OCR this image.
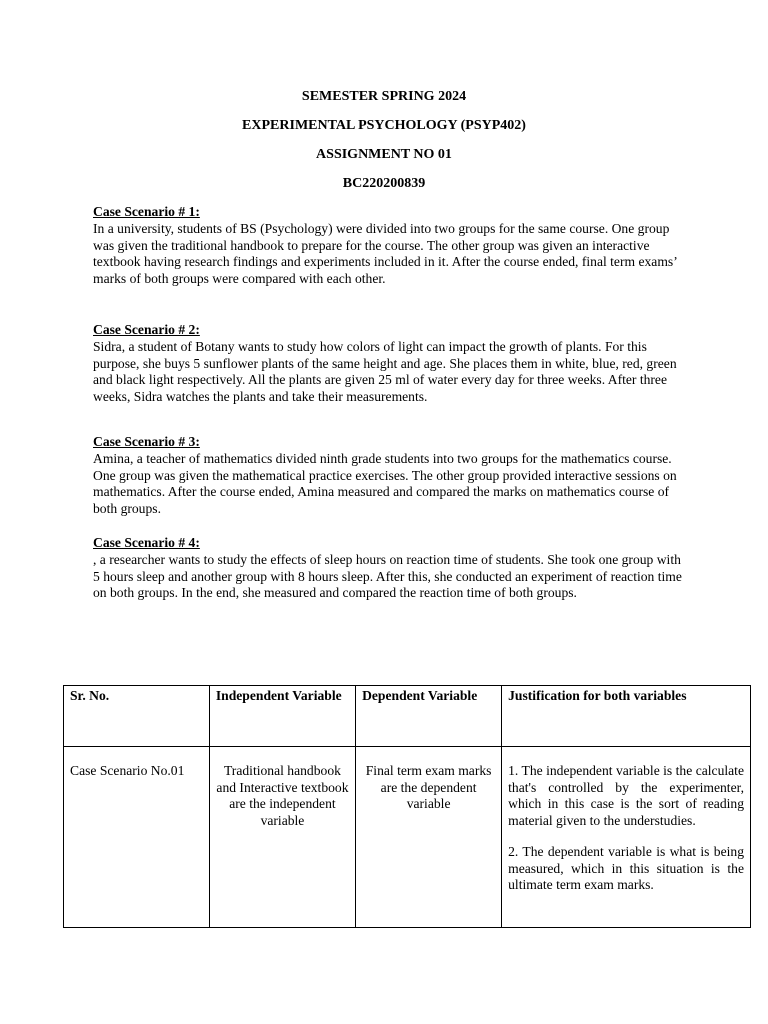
SEMESTER SPRING 2024
EXPERIMENTAL PSYCHOLOGY (PSYP402)
ASSIGNMENT NO 01
BC220200839
Case Scenario # 1:
In a university, students of BS (Psychology) were divided into two groups for the same course. One group was given the traditional handbook to prepare for the course. The other group was given an interactive textbook having research findings and experiments included in it. After the course ended, final term exams’ marks of both groups were compared with each other.
Case Scenario # 2:
Sidra, a student of Botany wants to study how colors of light can impact the growth of plants. For this purpose, she buys 5 sunflower plants of the same height and age. She places them in white, blue, red, green and black light respectively. All the plants are given 25 ml of water every day for three weeks. After three weeks, Sidra watches the plants and take their measurements.
Case Scenario # 3:
Amina, a teacher of mathematics divided ninth grade students into two groups for the mathematics course. One group was given the mathematical practice exercises. The other group provided interactive sessions on mathematics. After the course ended, Amina measured and compared the marks on mathematics course of both groups.
Case Scenario # 4:
, a researcher wants to study the effects of sleep hours on reaction time of students. She took one group with 5 hours sleep and another group with 8 hours sleep. After this, she conducted an experiment of reaction time on both groups. In the end, she measured and compared the reaction time of both groups.
Sr. No.	Independent Variable	Dependent Variable	Justification for both variables

Case Scenario No.01	Traditional handbook and Interactive textbook are the independent variable	Final term exam marks are the dependent variable	1. The independent variable is the calculate that's controlled by the experimenter, which in this case is the sort of reading material given to the understudies.

2. The dependent variable is what is being measured, which in this situation is the ultimate term exam marks.
